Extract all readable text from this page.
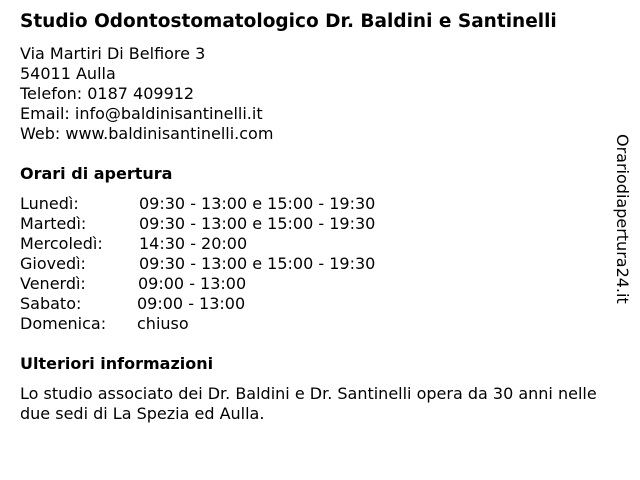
Studio Odontostomatologico Dr. Baldini e Santinelli
Via Martiri Di Belfiore 3
54011 Aulla
Telefon: 0187 409912
Email: info@baldinisantinelli.it
Web: www.baldinisantinelli.com
Orari di apertura
Lunedì:	09:30 - 13:00 e 15:00 - 19:30
Martedì:	09:30 - 13:00 e 15:00 - 19:30
Mercoledì: 14:30 - 20:00
Giovedì:	09:30 - 13:00 e 15:00 - 19:30
Venerdì:	09:00 - 13:00
Sabato:	09:00 - 13:00
Domenica: chiuso
Ulteriori informazioni
Lo studio associato dei Dr. Baldini e Dr. Santinelli opera da 30 anni nelle due sedi di La Spezia ed Aulla.
Orariodiapertura24.it
